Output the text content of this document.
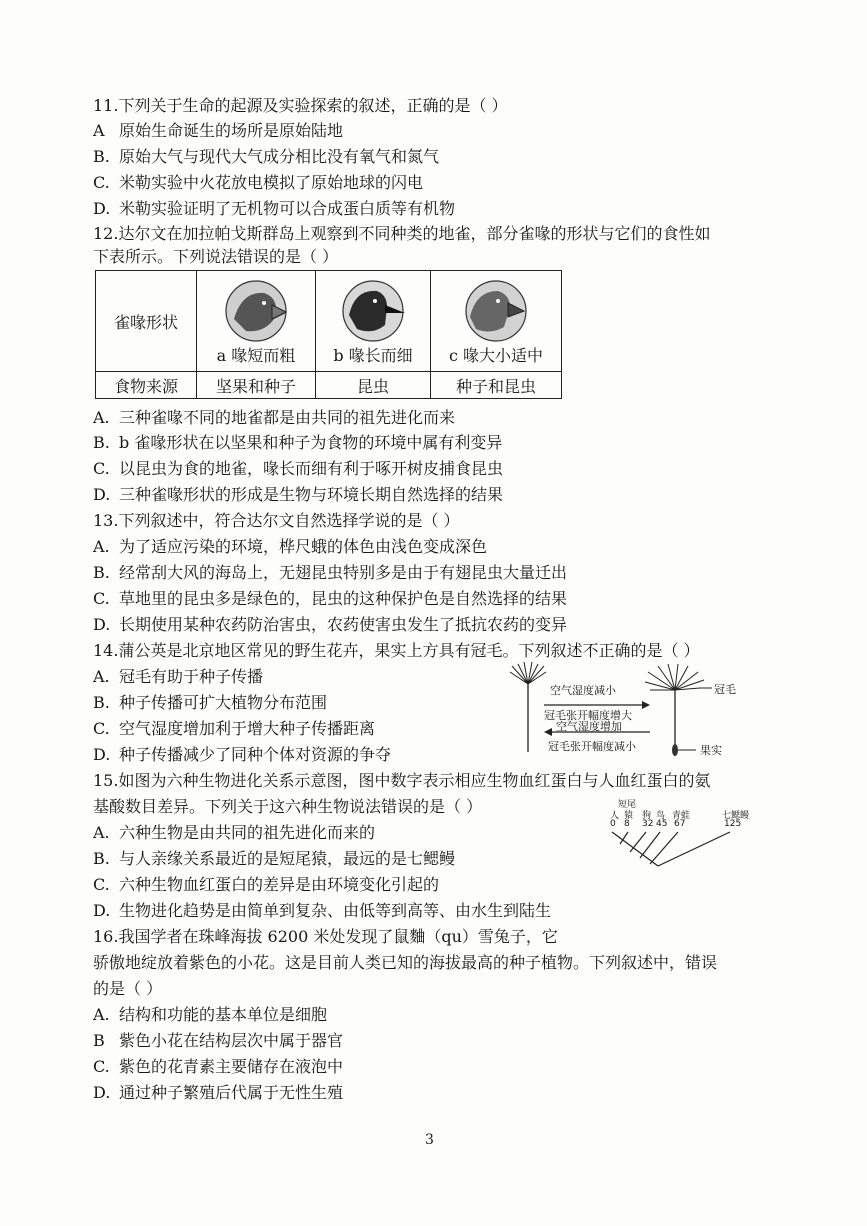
11.下列关于生命的起源及实验探索的叙述，正确的是（ ）
A 原始生命诞生的场所是原始陆地
B. 原始大气与现代大气成分相比没有氧气和氮气
C. 米勒实验中火花放电模拟了原始地球的闪电
D. 米勒实验证明了无机物可以合成蛋白质等有机物
12.达尔文在加拉帕戈斯群岛上观察到不同种类的地雀，部分雀喙的形状与它们的食性如
下表所示。下列说法错误的是（ ）
雀喙形状	a 喙短而粗	b 喙长而细	c 喙大小适中

食物来源	坚果和种子	昆虫	种子和昆虫
A. 三种雀喙不同的地雀都是由共同的祖先进化而来
B. b 雀喙形状在以坚果和种子为食物的环境中属有利变异
C. 以昆虫为食的地雀，喙长而细有利于啄开树皮捕食昆虫
D. 三种雀喙形状的形成是生物与环境长期自然选择的结果
13.下列叙述中，符合达尔文自然选择学说的是（ ）
A. 为了适应污染的环境，桦尺蛾的体色由浅色变成深色
B. 经常刮大风的海岛上，无翅昆虫特别多是由于有翅昆虫大量迁出
C. 草地里的昆虫多是绿色的，昆虫的这种保护色是自然选择的结果
D. 长期使用某种农药防治害虫，农药使害虫发生了抵抗农药的变异
14.蒲公英是北京地区常见的野生花卉，果实上方具有冠毛。下列叙述不正确的是（ ）
A. 冠毛有助于种子传播
B. 种子传播可扩大植物分布范围
C. 空气湿度增加利于增大种子传播距离
D. 种子传播减少了同种个体对资源的争夺
空气湿度减小
冠毛张开幅度增大
空气湿度增加
冠毛张开幅度减小
冠毛
果实
15.如图为六种生物进化关系示意图，图中数字表示相应生物血红蛋白与人血红蛋白的氨
基酸数目差异。下列关于这六种生物说法错误的是（ ）
A. 六种生物是由共同的祖先进化而来的
B. 与人亲缘关系最近的是短尾猿，最远的是七鳃鳗
C. 六种生物血红蛋白的差异是由环境变化引起的
D. 生物进化趋势是由简单到复杂、由低等到高等、由水生到陆生
短尾
人 猿 狗 鸟 青蛙	七鳃鳗
0 8 32 45 67	125
16.我国学者在珠峰海拔 6200 米处发现了鼠麯（qu）雪兔子，它
骄傲地绽放着紫色的小花。这是目前人类已知的海拔最高的种子植物。下列叙述中，错误
的是（ ）
A. 结构和功能的基本单位是细胞
B 紫色小花在结构层次中属于器官
C. 紫色的花青素主要储存在液泡中
D. 通过种子繁殖后代属于无性生殖
3
